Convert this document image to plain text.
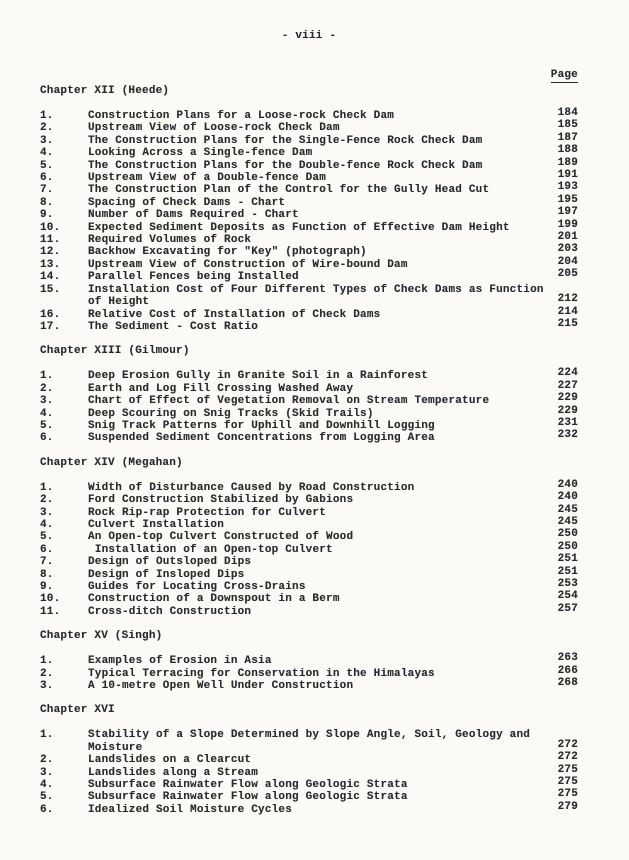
- viii -
Page
Chapter XII (Heede)
1.	Construction Plans for a Loose-rock Check Dam	184
2.	Upstream View of Loose-rock Check Dam	185
3.	The Construction Plans for the Single-Fence Rock Check Dam	187
4.	Looking Across a Single-fence Dam	188
5.	The Construction Plans for the Double-fence Rock Check Dam	189
6.	Upstream View of a Double-fence Dam	191
7.	The Construction Plan of the Control for the Gully Head Cut	193
8.	Spacing of Check Dams - Chart	195
9.	Number of Dams Required - Chart	197
10.	Expected Sediment Deposits as Function of Effective Dam Height	199
11.	Required Volumes of Rock	201
12.	Backhow Excavating for "Key" (photograph)	203
13.	Upstream View of Construction of Wire-bound Dam	204
14.	Parallel Fences being Installed	205
15.	Installation Cost of Four Different Types of Check Dams as Function
of Height	212
16.	Relative Cost of Installation of Check Dams	214
17.	The Sediment - Cost Ratio	215
Chapter XIII (Gilmour)
1.	Deep Erosion Gully in Granite Soil in a Rainforest	224
2.	Earth and Log Fill Crossing Washed Away	227
3.	Chart of Effect of Vegetation Removal on Stream Temperature	229
4.	Deep Scouring on Snig Tracks (Skid Trails)	229
5.	Snig Track Patterns for Uphill and Downhill Logging	231
6.	Suspended Sediment Concentrations from Logging Area	232
Chapter XIV (Megahan)
1.	Width of Disturbance Caused by Road Construction	240
2.	Ford Construction Stabilized by Gabions	240
3.	Rock Rip-rap Protection for Culvert	245
4.	Culvert Installation	245
5.	An Open-top Culvert Constructed of Wood	250
6.	Installation of an Open-top Culvert	250
7.	Design of Outsloped Dips	251
8.	Design of Insloped Dips	251
9.	Guides for Locating Cross-Drains	253
10.	Construction of a Downspout in a Berm	254
11.	Cross-ditch Construction	257
Chapter XV (Singh)
1.	Examples of Erosion in Asia	263
2.	Typical Terracing for Conservation in the Himalayas	266
3.	A 10-metre Open Well Under Construction	268
Chapter XVI
1.	Stability of a Slope Determined by Slope Angle, Soil, Geology and
Moisture	272
2.	Landslides on a Clearcut	272
3.	Landslides along a Stream	275
4.	Subsurface Rainwater Flow along Geologic Strata	275
5.	Subsurface Rainwater Flow along Geologic Strata	275
6.	Idealized Soil Moisture Cycles	279
